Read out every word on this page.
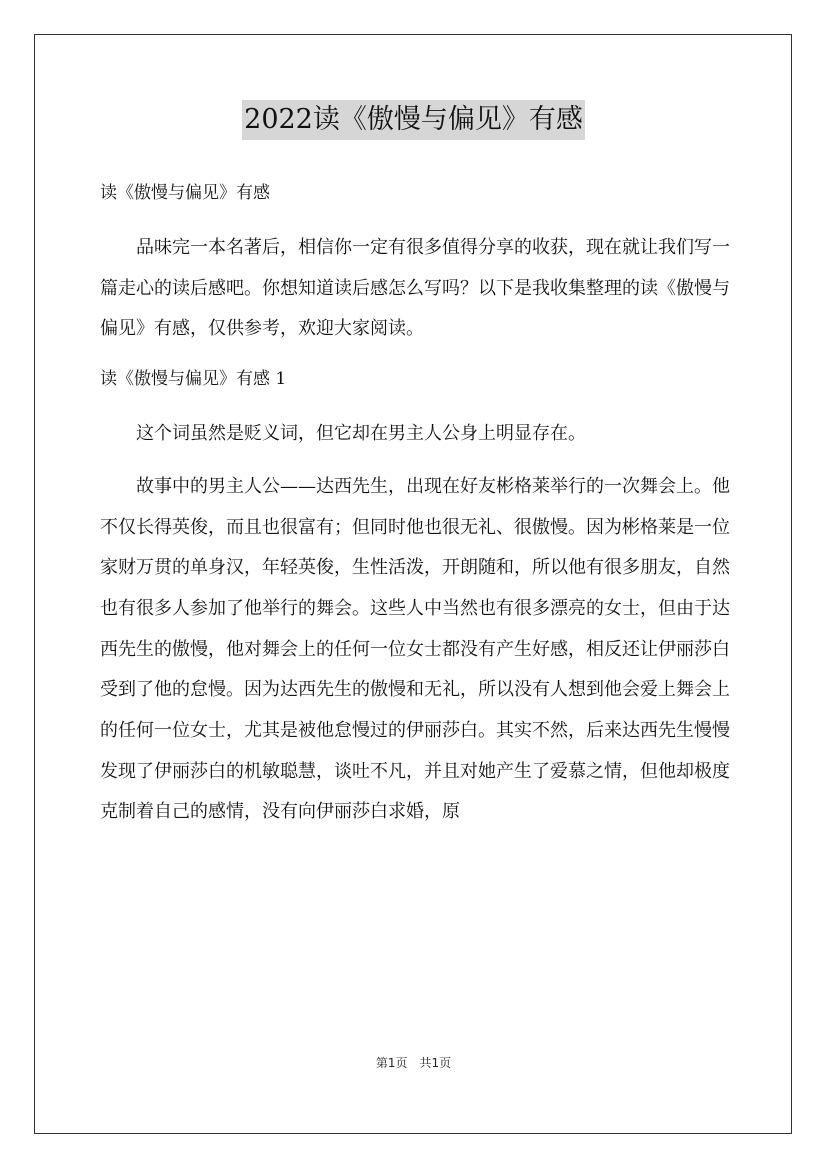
2022读《傲慢与偏见》有感
读《傲慢与偏见》有感

品味完一本名著后，相信你一定有很多值得分享的收获，现在就让我们写一篇走心的读后感吧。你想知道读后感怎么写吗？以下是我收集整理的读《傲慢与偏见》有感，仅供参考，欢迎大家阅读。

读《傲慢与偏见》有感 1

这个词虽然是贬义词，但它却在男主人公身上明显存在。

故事中的男主人公——达西先生，出现在好友彬格莱举行的一次舞会上。他不仅长得英俊，而且也很富有；但同时他也很无礼、很傲慢。因为彬格莱是一位家财万贯的单身汉，年轻英俊，生性活泼，开朗随和，所以他有很多朋友，自然也有很多人参加了他举行的舞会。这些人中当然也有很多漂亮的女士，但由于达西先生的傲慢，他对舞会上的任何一位女士都没有产生好感，相反还让伊丽莎白受到了他的怠慢。因为达西先生的傲慢和无礼，所以没有人想到他会爱上舞会上的任何一位女士，尤其是被他怠慢过的伊丽莎白。其实不然，后来达西先生慢慢发现了伊丽莎白的机敏聪慧，谈吐不凡，并且对她产生了爱慕之情，但他却极度克制着自己的感情，没有向伊丽莎白求婚，原

第1页 共1页
